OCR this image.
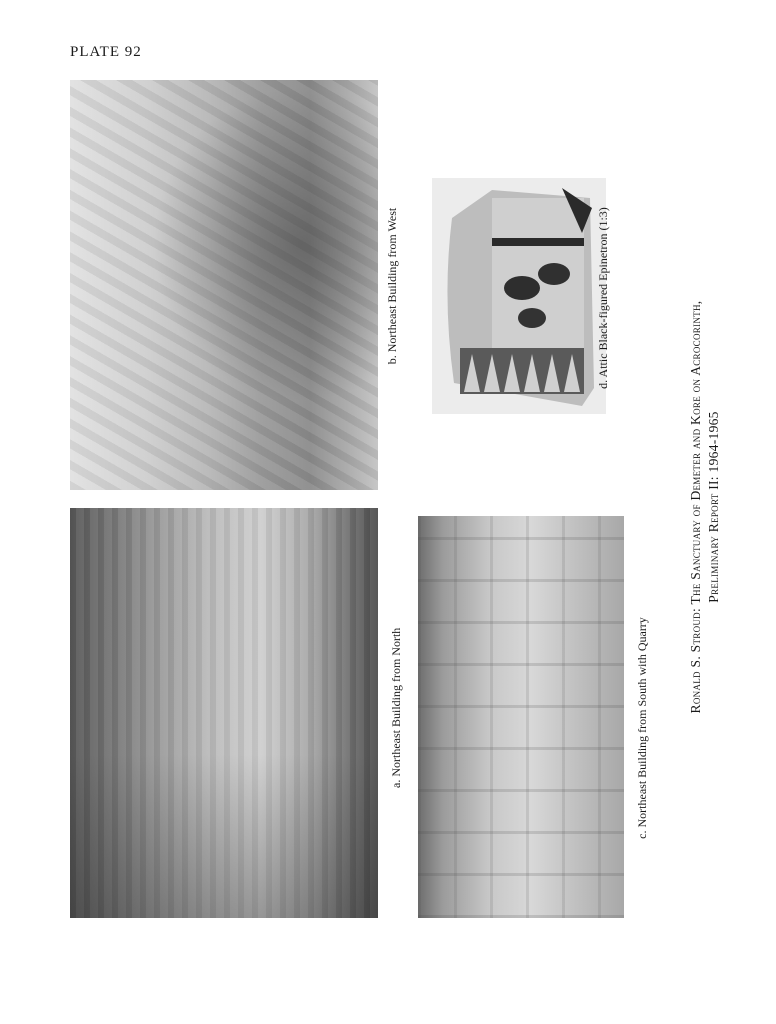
PLATE 92
a. Northeast Building from North
b. Northeast Building from West
c. Northeast Building from South with Quarry
d. Attic Black-figured Epinetron (1:3)
Ronald S. Stroud: The Sanctuary of Demeter and Kore on Acrocorinth, Preliminary Report II: 1964-1965
